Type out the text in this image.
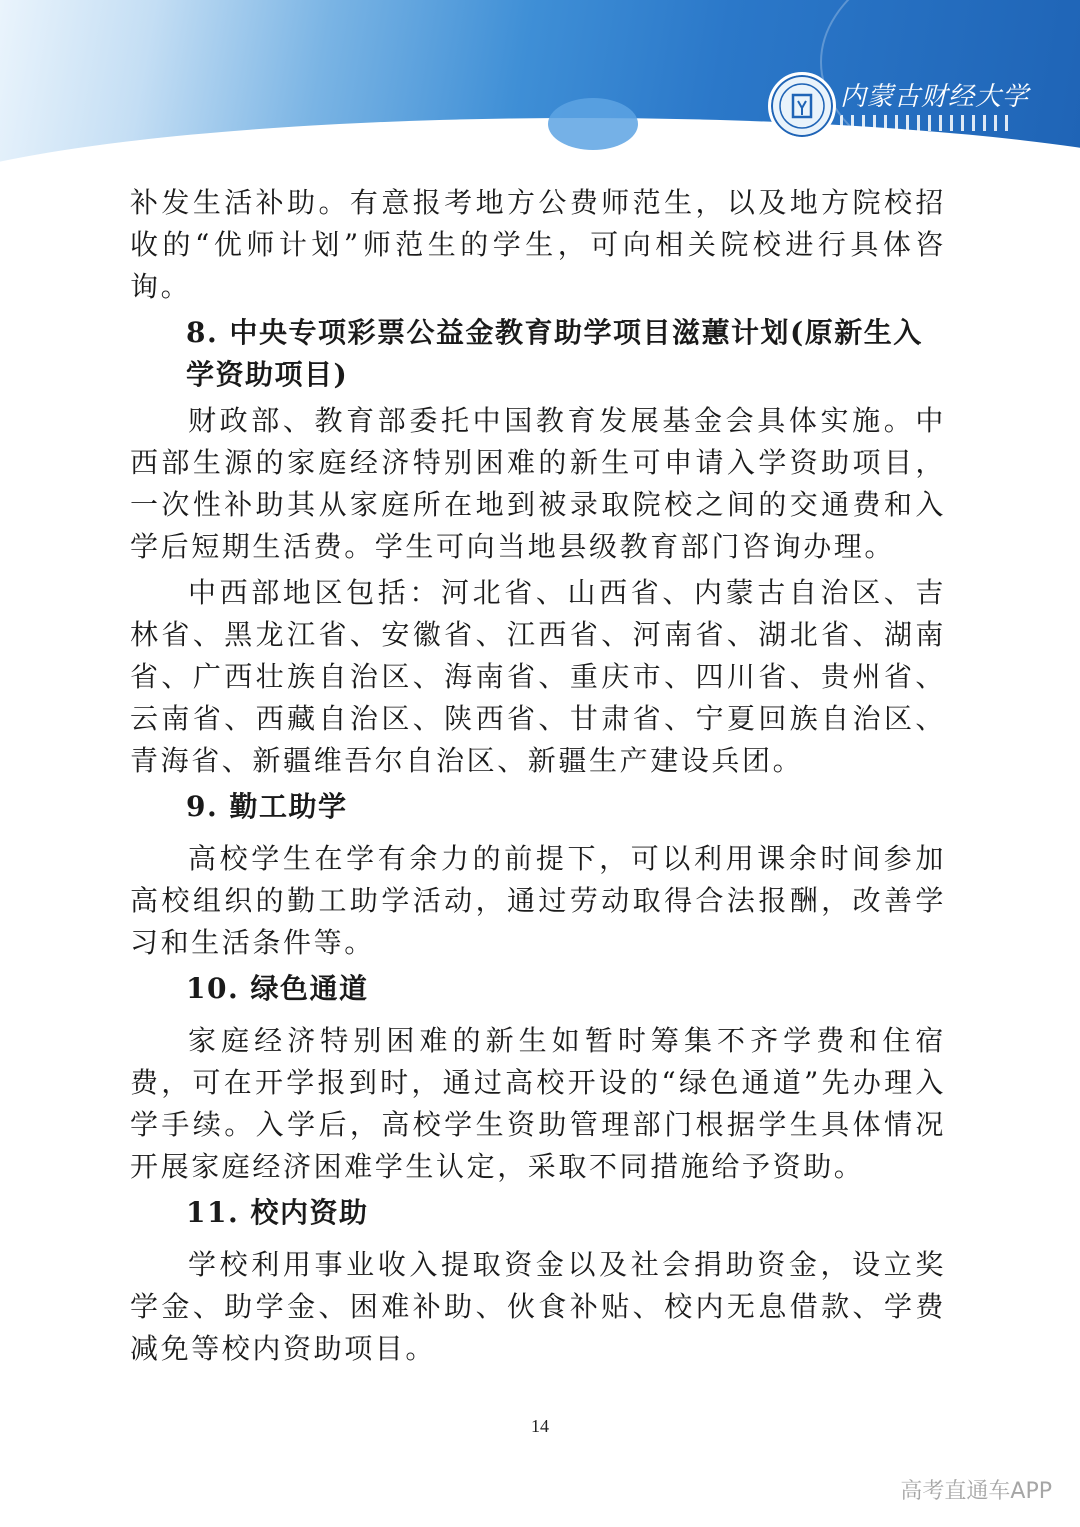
内蒙古财经大学

补发生活补助。有意报考地方公费师范生，以及地方院校招收的“优师计划”师范生的学生，可向相关院校进行具体咨询。

8. 中央专项彩票公益金教育助学项目滋蕙计划(原新生入学资助项目)

财政部、教育部委托中国教育发展基金会具体实施。中西部生源的家庭经济特别困难的新生可申请入学资助项目，一次性补助其从家庭所在地到被录取院校之间的交通费和入学后短期生活费。学生可向当地县级教育部门咨询办理。

中西部地区包括：河北省、山西省、内蒙古自治区、吉林省、黑龙江省、安徽省、江西省、河南省、湖北省、湖南省、广西壮族自治区、海南省、重庆市、四川省、贵州省、云南省、西藏自治区、陕西省、甘肃省、宁夏回族自治区、青海省、新疆维吾尔自治区、新疆生产建设兵团。

9. 勤工助学

高校学生在学有余力的前提下，可以利用课余时间参加高校组织的勤工助学活动，通过劳动取得合法报酬，改善学习和生活条件等。

10. 绿色通道

家庭经济特别困难的新生如暂时筹集不齐学费和住宿费，可在开学报到时，通过高校开设的“绿色通道”先办理入学手续。入学后，高校学生资助管理部门根据学生具体情况开展家庭经济困难学生认定，采取不同措施给予资助。

11. 校内资助

学校利用事业收入提取资金以及社会捐助资金，设立奖学金、助学金、困难补助、伙食补贴、校内无息借款、学费减免等校内资助项目。

14
高考直通车APP
